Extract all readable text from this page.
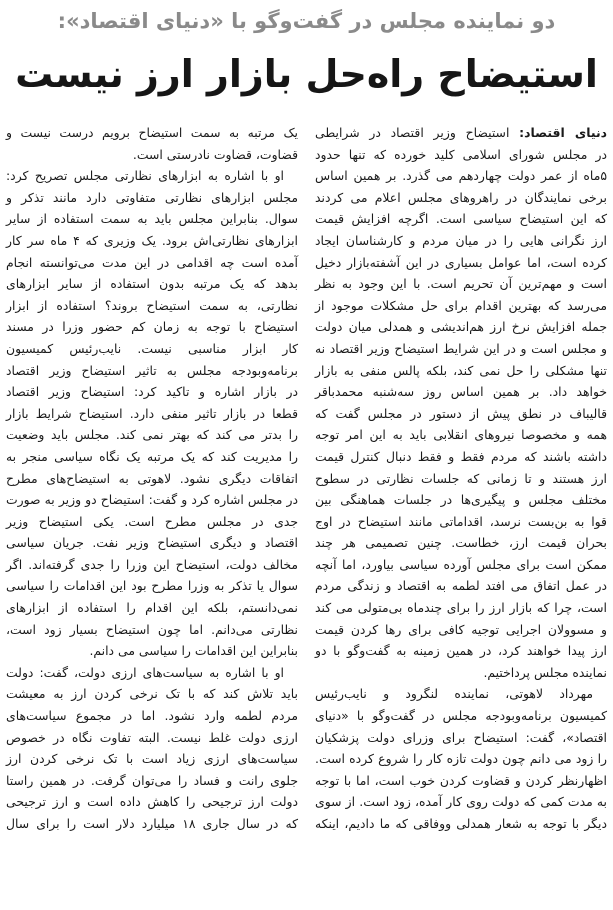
دو نماینده مجلس در گفت‌وگو با «دنیای اقتصاد»:
استیضاح راه‌حل بازار ارز نیست
دنیای اقتصاد: استیضاح وزیر اقتصاد در شرایطی
در مجلس شورای اسلامی کلید خورده که تنها حدود
۵ماه از عمر دولت چهاردهم می گذرد. بر همین اساس
برخی نمایندگان در راهروهای مجلس اعلام می کردند
که این استیضاح سیاسی است. اگرچه افزایش قیمت
ارز نگرانی هایی را در میان مردم و کارشناسان ایجاد
کرده است، اما عوامل بسیاری در این آشفته‌بازار دخیل
است و مهم‌ترین آن تحریم است. با این وجود به نظر
می‌رسد که بهترین اقدام برای حل مشکلات موجود از
جمله افزایش نرخ ارز هم‌اندیشی و همدلی میان دولت
و مجلس است و در این شرایط استیضاح وزیر اقتصاد نه
تنها مشکلی را حل نمی کند، بلکه پالس منفی به بازار
خواهد داد. بر همین اساس روز سه‌شنبه محمدباقر
قالیباف در نطق پیش از دستور در مجلس گفت که
همه و مخصوصا نیروهای انقلابی باید به این امر توجه
داشته باشند که مردم فقط و فقط دنبال کنترل قیمت
ارز هستند و تا زمانی که جلسات نظارتی در سطوح
مختلف مجلس و پیگیری‌ها در جلسات هماهنگی بین
قوا به بن‌بست نرسد، اقداماتی مانند استیضاح در اوج
بحران قیمت ارز، خطاست. چنین تصمیمی هر چند
ممکن است برای مجلس آورده سیاسی بیاورد، اما آنچه
در عمل اتفاق می افتد لطمه به اقتصاد و زندگی مردم
است، چرا که بازار ارز را برای چندماه بی‌متولی می کند
و مسوولان اجرایی توجیه کافی برای رها کردن قیمت
ارز پیدا خواهند کرد، در همین زمینه به گفت‌وگو با دو
نماینده مجلس پرداختیم.
مهرداد لاهوتی، نماینده لنگرود و نایب‌رئیس
کمیسیون برنامه‌وبودجه مجلس در گفت‌وگو با «دنیای
اقتصاد»، گفت: استیضاح برای وزرای دولت پزشکیان
را زود می دانم چون دولت تازه کار را شروع کرده است.
اظهارنظر کردن و قضاوت کردن خوب است، اما با توجه
به مدت کمی که دولت روی کار آمده، زود است. از سوی
دیگر با توجه به شعار همدلی ووفاقی که ما دادیم، اینکه
یک مرتبه به سمت استیضاح برویم درست نیست و
قضاوت، قضاوت نادرستی است.
او با اشاره به ابزارهای نظارتی مجلس تصریح کرد:
مجلس ابزارهای نظارتی متفاوتی دارد مانند تذکر و
سوال. بنابراین مجلس باید به سمت استفاده از سایر
ابزارهای نظارتی‌اش برود. یک وزیری که ۴ ماه سر کار
آمده است چه اقدامی در این مدت می‌توانسته انجام
بدهد که یک مرتبه بدون استفاده از سایر ابزارهای
نظارتی، به سمت استیضاح بروند؟ استفاده از ابزار
استیضاح با توجه به زمان کم حضور وزرا در مسند
کار ابزار مناسبی نیست. نایب‌رئیس کمیسیون
برنامه‌وبودجه مجلس به تاثیر استیضاح وزیر اقتصاد
در بازار اشاره و تاکید کرد: استیضاح وزیر اقتصاد
قطعا در بازار تاثیر منفی دارد. استیضاح شرایط بازار
را بدتر می کند که بهتر نمی کند. مجلس باید وضعیت
را مدیریت کند که یک مرتبه یک نگاه سیاسی منجر به
اتفاقات دیگری نشود. لاهوتی به استیضاح‌های مطرح
در مجلس اشاره کرد و گفت: استیضاح دو وزیر به صورت
جدی در مجلس مطرح است. یکی استیضاح وزیر
اقتصاد و دیگری استیضاح وزیر نفت. جریان سیاسی
مخالف دولت، استیضاح این وزرا را جدی گرفته‌اند. اگر
سوال یا تذکر به وزرا مطرح بود این اقدامات را سیاسی
نمی‌دانستم، بلکه این اقدام را استفاده از ابزارهای
نظارتی می‌دانم. اما چون استیضاح بسیار زود است،
بنابراین این اقدامات را سیاسی می دانم.
او با اشاره به سیاست‌های ارزی دولت، گفت: دولت
باید تلاش کند که با تک نرخی کردن ارز به معیشت
مردم لطمه وارد نشود. اما در مجموع سیاست‌های
ارزی دولت غلط نیست. البته تفاوت نگاه در خصوص
سیاست‌های ارزی زیاد است با تک نرخی کردن ارز
جلوی رانت و فساد را می‌توان گرفت. در همین راستا
دولت ارز ترجیحی را کاهش داده است و ارز ترجیحی
که در سال جاری ۱۸ میلیارد دلار است را برای سال
